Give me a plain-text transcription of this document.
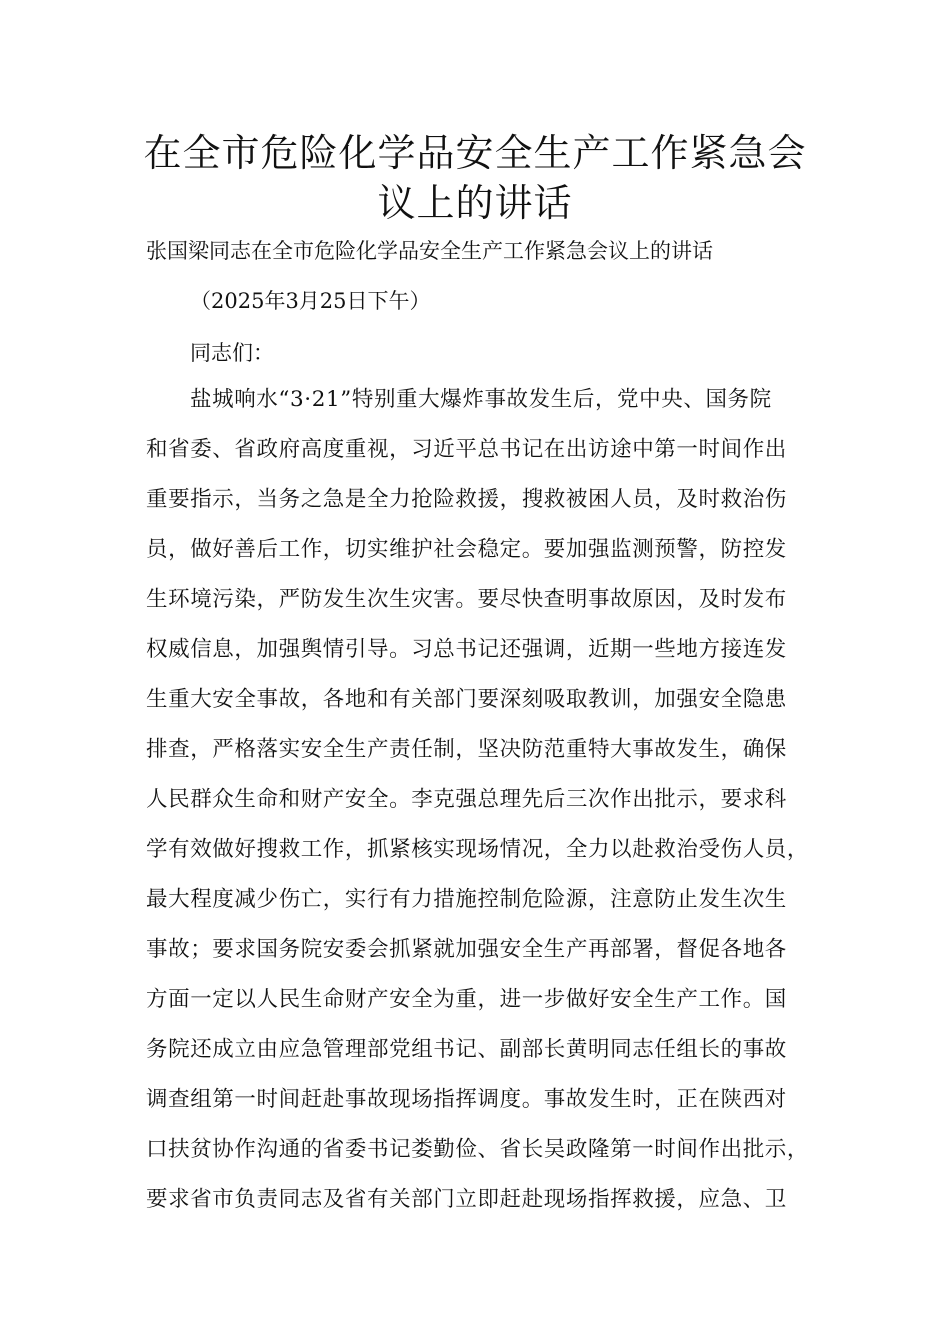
在全市危险化学品安全生产工作紧急会
议上的讲话

张国梁同志在全市危险化学品安全生产工作紧急会议上的讲话

（2025年3月25日下午）

同志们：

盐城响水“3·21”特别重大爆炸事故发生后，党中央、国务院
和省委、省政府高度重视，习近平总书记在出访途中第一时间作出
重要指示，当务之急是全力抢险救援，搜救被困人员，及时救治伤
员，做好善后工作，切实维护社会稳定。要加强监测预警，防控发
生环境污染，严防发生次生灾害。要尽快查明事故原因，及时发布
权威信息，加强舆情引导。习总书记还强调，近期一些地方接连发
生重大安全事故，各地和有关部门要深刻吸取教训，加强安全隐患
排查，严格落实安全生产责任制，坚决防范重特大事故发生，确保
人民群众生命和财产安全。李克强总理先后三次作出批示，要求科
学有效做好搜救工作，抓紧核实现场情况，全力以赴救治受伤人员，
最大程度减少伤亡，实行有力措施控制危险源，注意防止发生次生
事故；要求国务院安委会抓紧就加强安全生产再部署，督促各地各
方面一定以人民生命财产安全为重，进一步做好安全生产工作。国
务院还成立由应急管理部党组书记、副部长黄明同志任组长的事故
调查组第一时间赶赴事故现场指挥调度。事故发生时，正在陕西对
口扶贫协作沟通的省委书记娄勤俭、省长吴政隆第一时间作出批示，
要求省市负责同志及省有关部门立即赶赴现场指挥救援，应急、卫
